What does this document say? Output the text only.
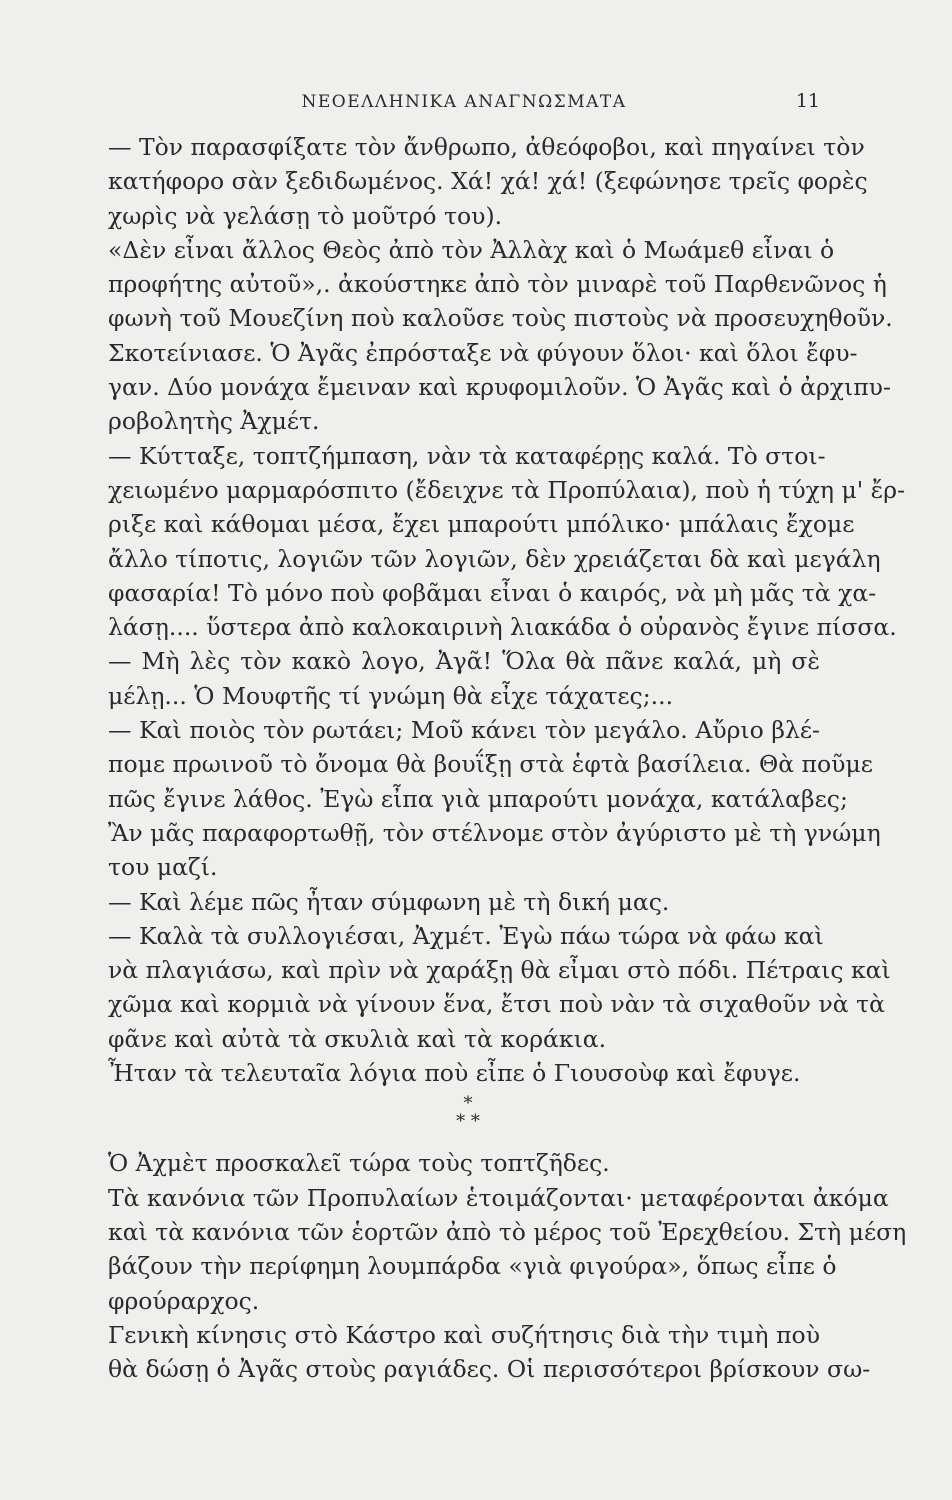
ΝΕΟΕΛΛΗΝΙΚΑ ΑΝΑΓΝΩΣΜΑΤΑ	11
— Τὸν παρασφίξατε τὸν ἄνθρωπο, ἀθεόφοβοι, καὶ πηγαίνει τὸν
κατήφορο σὰν ξεδιδωμένος. Χά! χά! χά! (ξεφώνησε τρεῖς φορὲς
χωρὶς νὰ γελάσῃ τὸ μοῦτρό του).
«Δὲν εἶναι ἄλλος Θεὸς ἀπὸ τὸν Ἀλλὰχ καὶ ὁ Μωάμεθ εἶναι ὁ
προφήτης αὐτοῦ»,. ἀκούστηκε ἀπὸ τὸν μιναρὲ τοῦ Παρθενῶνος ἡ
φωνὴ τοῦ Μουεζίνη ποὺ καλοῦσε τοὺς πιστοὺς νὰ προσευχηθοῦν.
Σκοτείνιασε. Ὁ Ἀγᾶς ἐπρόσταξε νὰ φύγουν ὅλοι· καὶ ὅλοι ἔφυ-
γαν. Δύο μονάχα ἔμειναν καὶ κρυφομιλοῦν. Ὁ Ἀγᾶς καὶ ὁ ἀρχιπυ-
ροβολητὴς Ἀχμέτ.
— Κύτταξε, τοπτζήμπαση, νὰν τὰ καταφέρῃς καλά. Τὸ στοι-
χειωμένο μαρμαρόσπιτο (ἔδειχνε τὰ Προπύλαια), ποὺ ἡ τύχη μ' ἔρ-
ριξε καὶ κάθομαι μέσα, ἔχει μπαρούτι μπόλικο· μπάλαις ἔχομε
ἄλλο τίποτις, λογιῶν τῶν λογιῶν, δὲν χρειάζεται δὰ καὶ μεγάλη
φασαρία! Τὸ μόνο ποὺ φοβᾶμαι εἶναι ὁ καιρός, νὰ μὴ μᾶς τὰ χα-
λάσῃ.... ὕστερα ἀπὸ καλοκαιρινὴ λιακάδα ὁ οὐρανὸς ἔγινε πίσσα.
— Μὴ λὲς τὸν κακὸ λογο, Ἀγᾶ! Ὅλα θὰ πᾶνε καλά, μὴ σὲ
μέλῃ... Ὁ Μουφτῆς τί γνώμη θὰ εἶχε τάχατες;...
— Καὶ ποιὸς τὸν ρωτάει; Μοῦ κάνει τὸν μεγάλο. Αὔριο βλέ-
πομε πρωινοῦ τὸ ὄνομα θὰ βουΐξῃ στὰ ἑφτὰ βασίλεια. Θὰ ποῦμε
πῶς ἔγινε λάθος. Ἐγὼ εἶπα γιὰ μπαρούτι μονάχα, κατάλαβες;
Ἂν μᾶς παραφορτωθῇ, τὸν στέλνομε στὸν ἀγύριστο μὲ τὴ γνώμη
του μαζί.
— Καὶ λέμε πῶς ἦταν σύμφωνη μὲ τὴ δική μας.
— Καλὰ τὰ συλλογιέσαι, Ἀχμέτ. Ἐγὼ πάω τώρα νὰ φάω καὶ
νὰ πλαγιάσω, καὶ πρὶν νὰ χαράξῃ θὰ εἶμαι στὸ πόδι. Πέτραις καὶ
χῶμα καὶ κορμιὰ νὰ γίνουν ἕνα, ἔτσι ποὺ νὰν τὰ σιχαθοῦν νὰ τὰ
φᾶνε καὶ αὐτὰ τὰ σκυλιὰ καὶ τὰ κοράκια.
Ἦταν τὰ τελευταῖα λόγια ποὺ εἶπε ὁ Γιουσοὺφ καὶ ἔφυγε.
*
* *
Ὁ Ἀχμὲτ προσκαλεῖ τώρα τοὺς τοπτζῆδες.
Τὰ κανόνια τῶν Προπυλαίων ἑτοιμάζονται· μεταφέρονται ἀκόμα
καὶ τὰ κανόνια τῶν ἑορτῶν ἀπὸ τὸ μέρος τοῦ Ἐρεχθείου. Στὴ μέση
βάζουν τὴν περίφημη λουμπάρδα «γιὰ φιγούρα», ὅπως εἶπε ὁ
φρούραρχος.
Γενικὴ κίνησις στὸ Κάστρο καὶ συζήτησις διὰ τὴν τιμὴ ποὺ
θὰ δώσῃ ὁ Ἀγᾶς στοὺς ραγιάδες. Οἱ περισσότεροι βρίσκουν σω-
